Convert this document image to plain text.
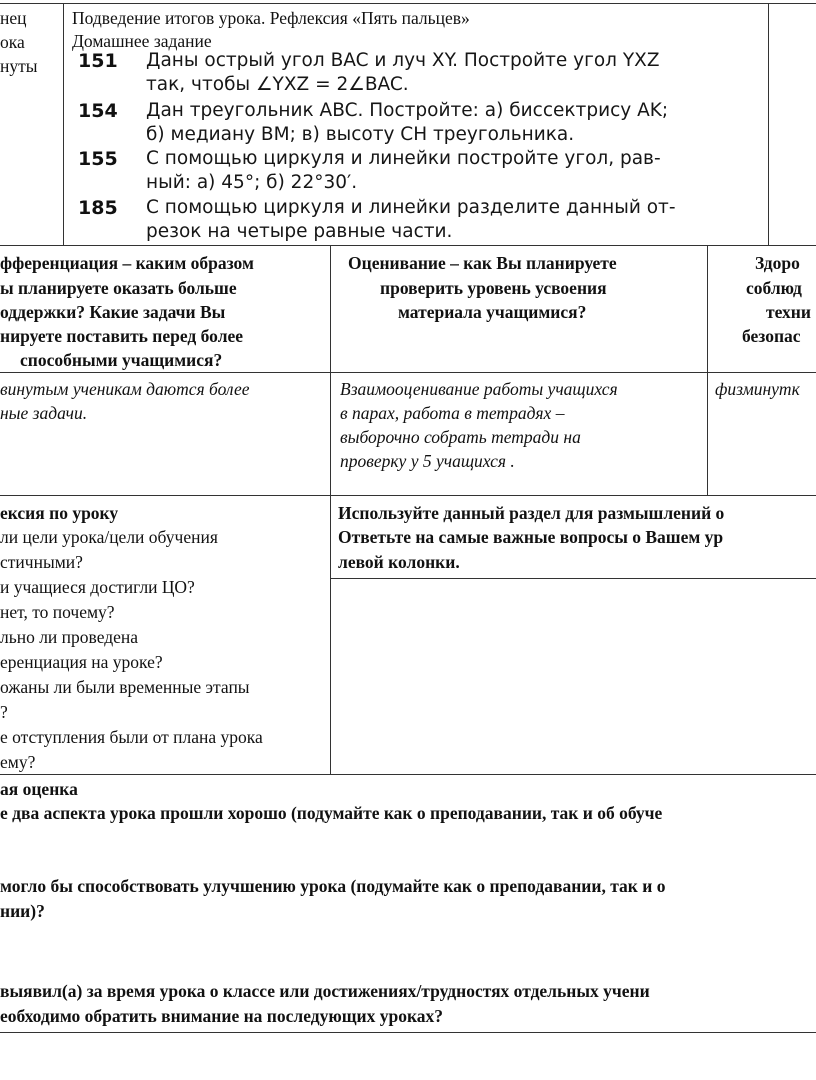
нец
ока
нуты
Подведение итогов урока. Рефлексия «Пять пальцев»
Домашнее задание
151 Даны острый угол BAC и луч XY. Постройте угол YXZ
так, чтобы ∠YXZ = 2∠BAC.
154 Дан треугольник ABC. Постройте: а) биссектрису AK;
б) медиану BM; в) высоту CH треугольника.
155 С помощью циркуля и линейки постройте угол, рав-
ный: а) 45°; б) 22°30′.
185 С помощью циркуля и линейки разделите данный от-
резок на четыре равные части.
фференциация – каким образом
ы планируете оказать больше
оддержки? Какие задачи Вы
нируете поставить перед более
способными учащимися?
Оценивание – как Вы планируете
проверить уровень усвоения
материала учащимися?
Здоро
соблюд
техни
безопас
винутым ученикам даются более
ные задачи.
Взаимооценивание работы учащихся
в парах, работа в тетрадях –
выборочно собрать тетради на
проверку у 5 учащихся .
физминутк
ексия по уроку
ли цели урока/цели обучения
стичными?
и учащиеся достигли ЦО?
нет, то почему?
льно ли проведена
еренциация на уроке?
ожаны ли были временные этапы
?
е отступления были от плана урока
ему?
Используйте данный раздел для размышлений о
Ответьте на самые важные вопросы о Вашем ур
левой колонки.
ая оценка
е два аспекта урока прошли хорошо (подумайте как о преподавании, так и об обуче
могло бы способствовать улучшению урока (подумайте как о преподавании, так и о
нии)?
выявил(а) за время урока о классе или достижениях/трудностях отдельных учени
еобходимо обратить внимание на последующих уроках?
